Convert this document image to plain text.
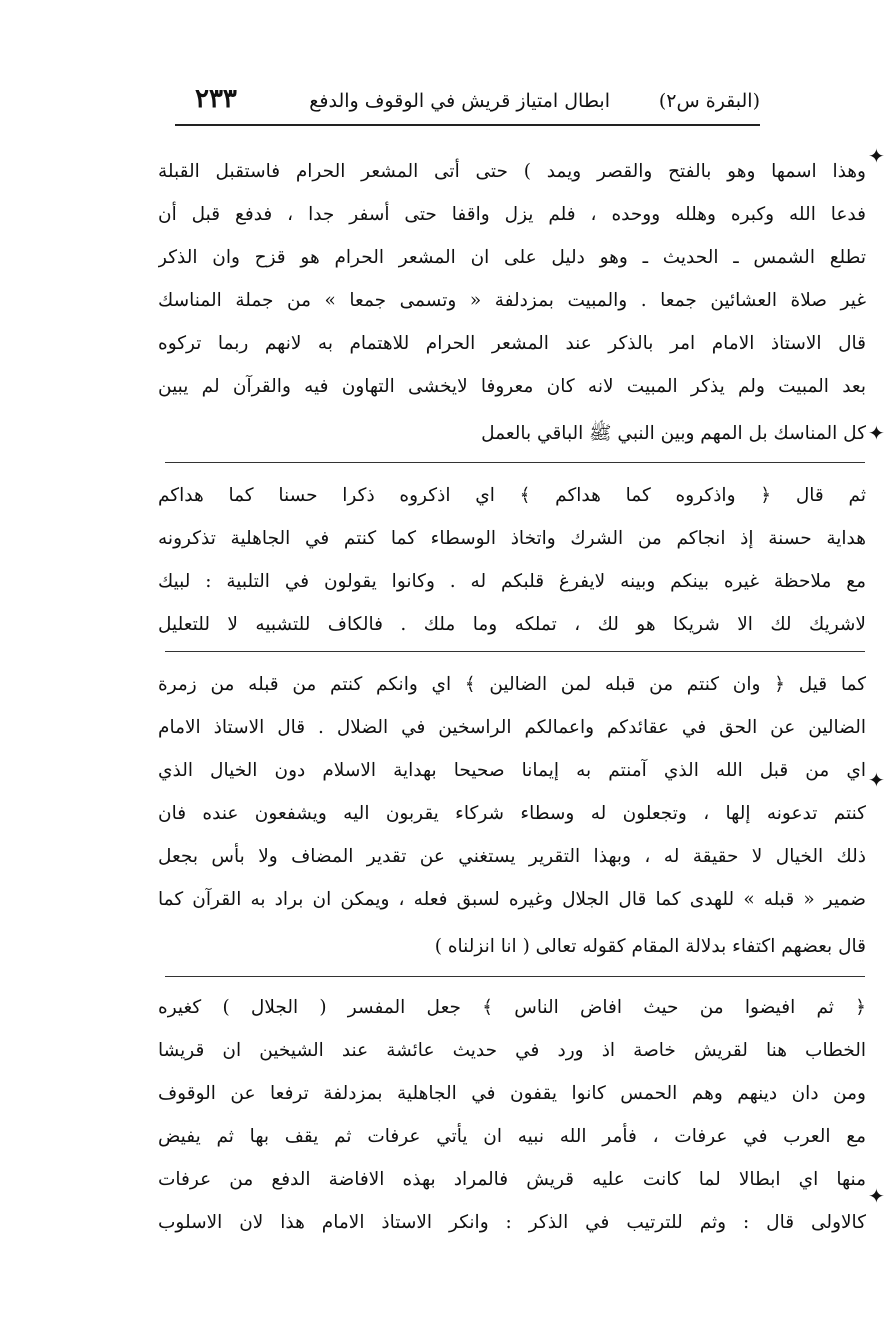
(البقرة س٢)
ابطال امتياز قريش في الوقوف والدفع
٢٣٣
وهذا اسمها وهو بالفتح والقصر ويمد ) حتى أتى المشعر الحرام فاستقبل القبلة
فدعا الله وكبره وهلله ووحده ، فلم يزل واقفا حتى أسفر جدا ، فدفع قبل أن
تطلع الشمس ـ الحديث ـ وهو دليل على ان المشعر الحرام هو قزح وان الذكر
غير صلاة العشائين جمعا . والمبيت بمزدلفة « وتسمى جمعا » من جملة المناسك
قال الاستاذ الامام امر بالذكر عند المشعر الحرام للاهتمام به لانهم ربما تركوه
بعد المبيت ولم يذكر المبيت لانه كان معروفا لايخشى التهاون فيه والقرآن لم يبين
كل المناسك بل المهم وبين النبي ﷺ الباقي بالعمل
ثم قال ﴿ واذكروه كما هداكم ﴾ اي اذكروه ذكرا حسنا كما هداكم
هداية حسنة إذ انجاكم من الشرك واتخاذ الوسطاء كما كنتم في الجاهلية تذكرونه
مع ملاحظة غيره بينكم وبينه لايفرغ قلبكم له . وكانوا يقولون في التلبية : لبيك
لاشريك لك الا شريكا هو لك ، تملكه وما ملك . فالكاف للتشبيه لا للتعليل
كما قيل ﴿ وان كنتم من قبله لمن الضالين ﴾ اي وانكم كنتم من قبله من زمرة
الضالين عن الحق في عقائدكم واعمالكم الراسخين في الضلال . قال الاستاذ الامام
اي من قبل الله الذي آمنتم به إيمانا صحيحا بهداية الاسلام دون الخيال الذي
كنتم تدعونه إلها ، وتجعلون له وسطاء شركاء يقربون اليه ويشفعون عنده فان
ذلك الخيال لا حقيقة له ، وبهذا التقرير يستغني عن تقدير المضاف ولا بأس بجعل
ضمير « قبله » للهدى كما قال الجلال وغيره لسبق فعله ، ويمكن ان براد به القرآن كما
قال بعضهم اكتفاء بدلالة المقام كقوله تعالى ( انا انزلناه )
﴿ ثم افيضوا من حيث افاض الناس ﴾ جعل المفسر ( الجلال ) كغيره
الخطاب هنا لقريش خاصة اذ ورد في حديث عائشة عند الشيخين ان قريشا
ومن دان دينهم وهم الحمس كانوا يقفون في الجاهلية بمزدلفة ترفعا عن الوقوف
مع العرب في عرفات ، فأمر الله نبيه ان يأتي عرفات ثم يقف بها ثم يفيض
منها اي ابطالا لما كانت عليه قريش فالمراد بهذه الافاضة الدفع من عرفات
كالاولى قال : وثم للترتيب في الذكر : وانكر الاستاذ الامام هذا لان الاسلوب
✦
✦
✦
✦
